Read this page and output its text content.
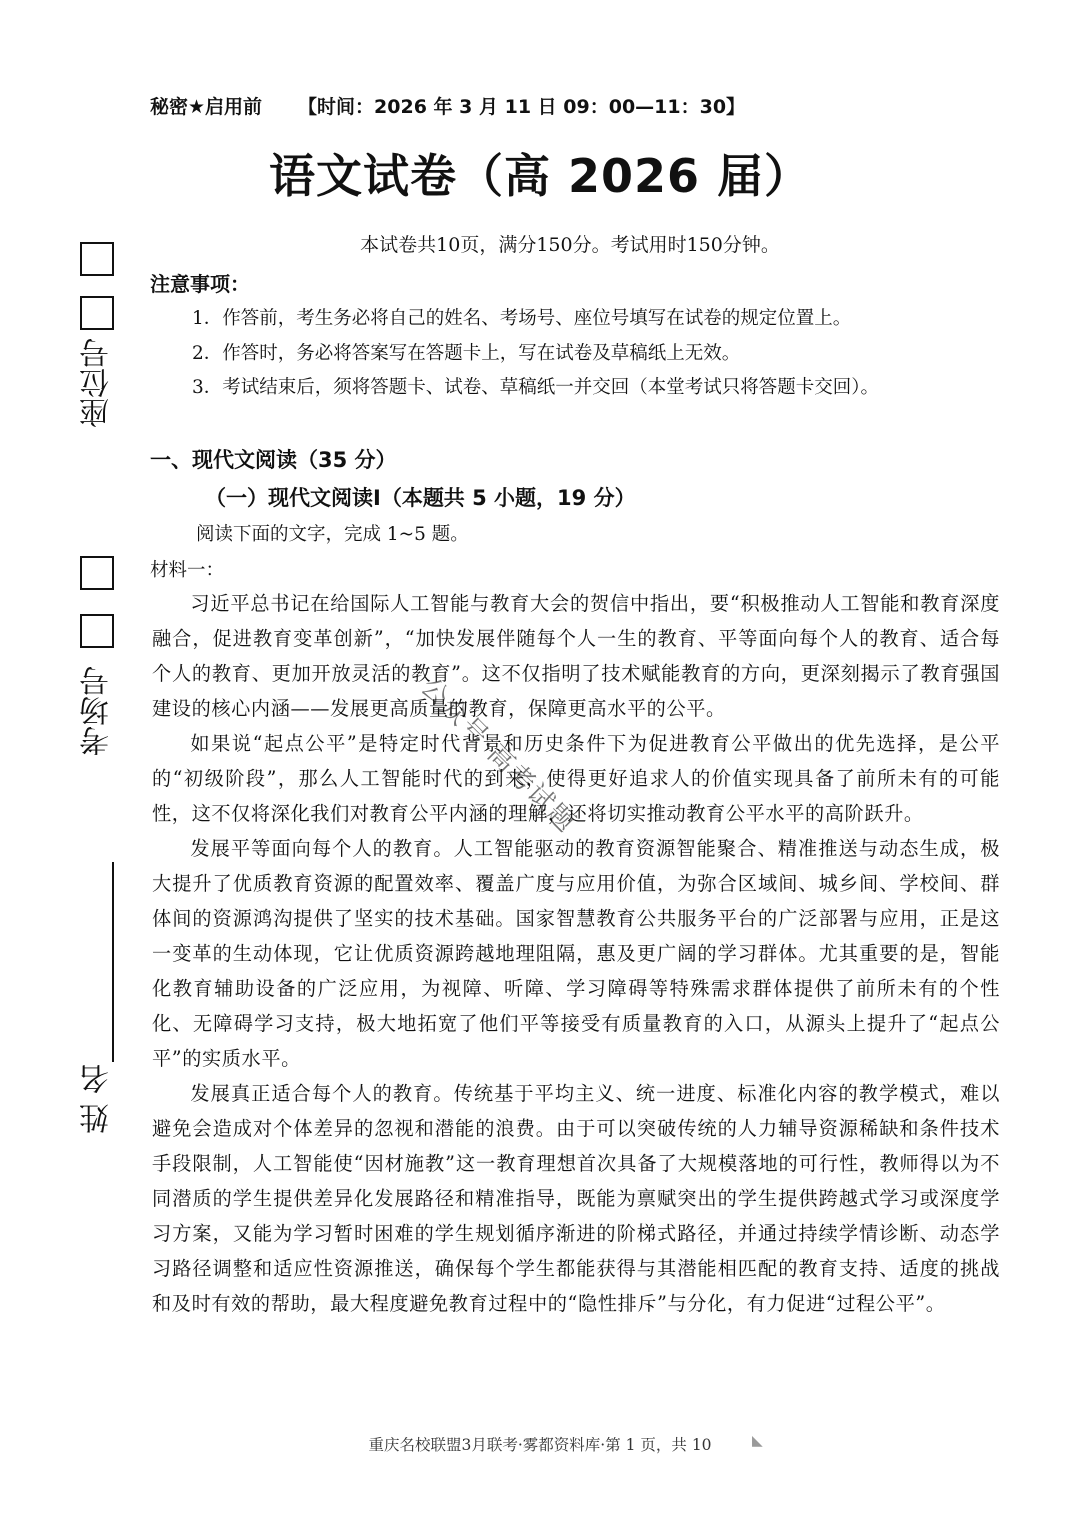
秘密★启用前 【时间：2026 年 3 月 11 日 09：00—11：30】
语文试卷（高 2026 届）
本试卷共10页，满分150分。考试用时150分钟。
注意事项：
1．作答前，考生务必将自己的姓名、考场号、座位号填写在试卷的规定位置上。
2．作答时，务必将答案写在答题卡上，写在试卷及草稿纸上无效。
3．考试结束后，须将答题卡、试卷、草稿纸一并交回（本堂考试只将答题卡交回）。
一、现代文阅读（35 分）
（一）现代文阅读Ⅰ（本题共 5 小题，19 分）
阅读下面的文字，完成 1~5 题。
材料一：

习近平总书记在给国际人工智能与教育大会的贺信中指出，要“积极推动人工智能和教育深度融合，促进教育变革创新”，“加快发展伴随每个人一生的教育、平等面向每个人的教育、适合每个人的教育、更加开放灵活的教育”。这不仅指明了技术赋能教育的方向，更深刻揭示了教育强国建设的核心内涵——发展更高质量的教育，保障更高水平的公平。

如果说“起点公平”是特定时代背景和历史条件下为促进教育公平做出的优先选择，是公平的“初级阶段”，那么人工智能时代的到来，使得更好追求人的价值实现具备了前所未有的可能性，这不仅将深化我们对教育公平内涵的理解，还将切实推动教育公平水平的高阶跃升。

发展平等面向每个人的教育。人工智能驱动的教育资源智能聚合、精准推送与动态生成，极大提升了优质教育资源的配置效率、覆盖广度与应用价值，为弥合区域间、城乡间、学校间、群体间的资源鸿沟提供了坚实的技术基础。国家智慧教育公共服务平台的广泛部署与应用，正是这一变革的生动体现，它让优质资源跨越地理阻隔，惠及更广阔的学习群体。尤其重要的是，智能化教育辅助设备的广泛应用，为视障、听障、学习障碍等特殊需求群体提供了前所未有的个性化、无障碍学习支持，极大地拓宽了他们平等接受有质量教育的入口，从源头上提升了“起点公平”的实质水平。

发展真正适合每个人的教育。传统基于平均主义、统一进度、标准化内容的教学模式，难以避免会造成对个体差异的忽视和潜能的浪费。由于可以突破传统的人力辅导资源稀缺和条件技术手段限制，人工智能使“因材施教”这一教育理想首次具备了大规模落地的可行性，教师得以为不同潜质的学生提供差异化发展路径和精准指导，既能为禀赋突出的学生提供跨越式学习或深度学习方案，又能为学习暂时困难的学生规划循序渐进的阶梯式路径，并通过持续学情诊断、动态学习路径调整和适应性资源推送，确保每个学生都能获得与其潜能相匹配的教育支持、适度的挑战和及时有效的帮助，最大程度避免教育过程中的“隐性排斥”与分化，有力促进“过程公平”。

公众号·高考试题
座位号
考场号
姓 名
重庆名校联盟3月联考·雾都资料库·第 1 页，共 10	◣
